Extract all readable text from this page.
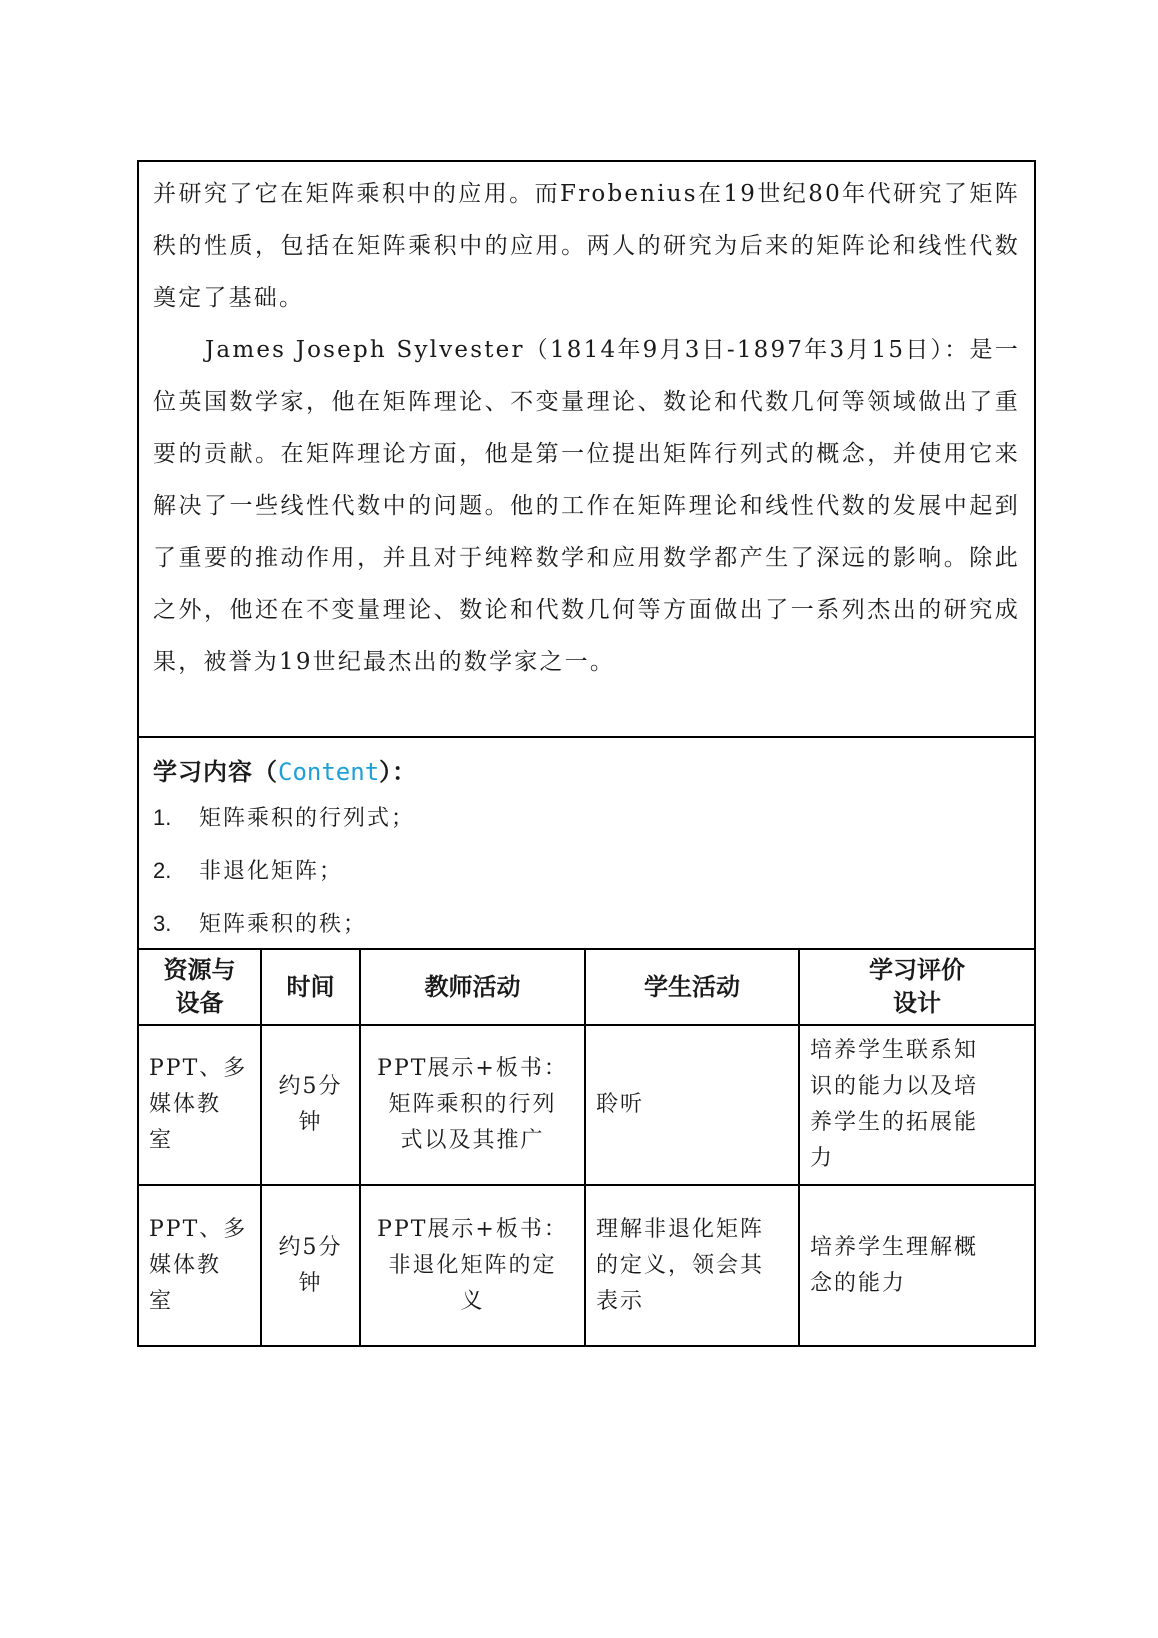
并研究了它在矩阵乘积中的应用。而Frobenius在19世纪80年代研究了矩阵秩的性质，包括在矩阵乘积中的应用。两人的研究为后来的矩阵论和线性代数奠定了基础。

James Joseph Sylvester（1814年9月3日-1897年3月15日）：是一位英国数学家，他在矩阵理论、不变量理论、数论和代数几何等领域做出了重要的贡献。在矩阵理论方面，他是第一位提出矩阵行列式的概念，并使用它来解决了一些线性代数中的问题。他的工作在矩阵理论和线性代数的发展中起到了重要的推动作用，并且对于纯粹数学和应用数学都产生了深远的影响。除此之外，他还在不变量理论、数论和代数几何等方面做出了一系列杰出的研究成果，被誉为19世纪最杰出的数学家之一。

学习内容（Content）：
1. 矩阵乘积的行列式；
2. 非退化矩阵；
3. 矩阵乘积的秩；
资源与
设备	时间	教师活动	学生活动	学习评价
设计

PPT、多
媒体教
室	约5分
钟	PPT展示+板书：
矩阵乘积的行列
式以及其推广	聆听	培养学生联系知
识的能力以及培
养学生的拓展能
力

PPT、多
媒体教
室	约5分
钟	PPT展示+板书：
非退化矩阵的定
义	理解非退化矩阵
的定义，领会其
表示	培养学生理解概
念的能力
